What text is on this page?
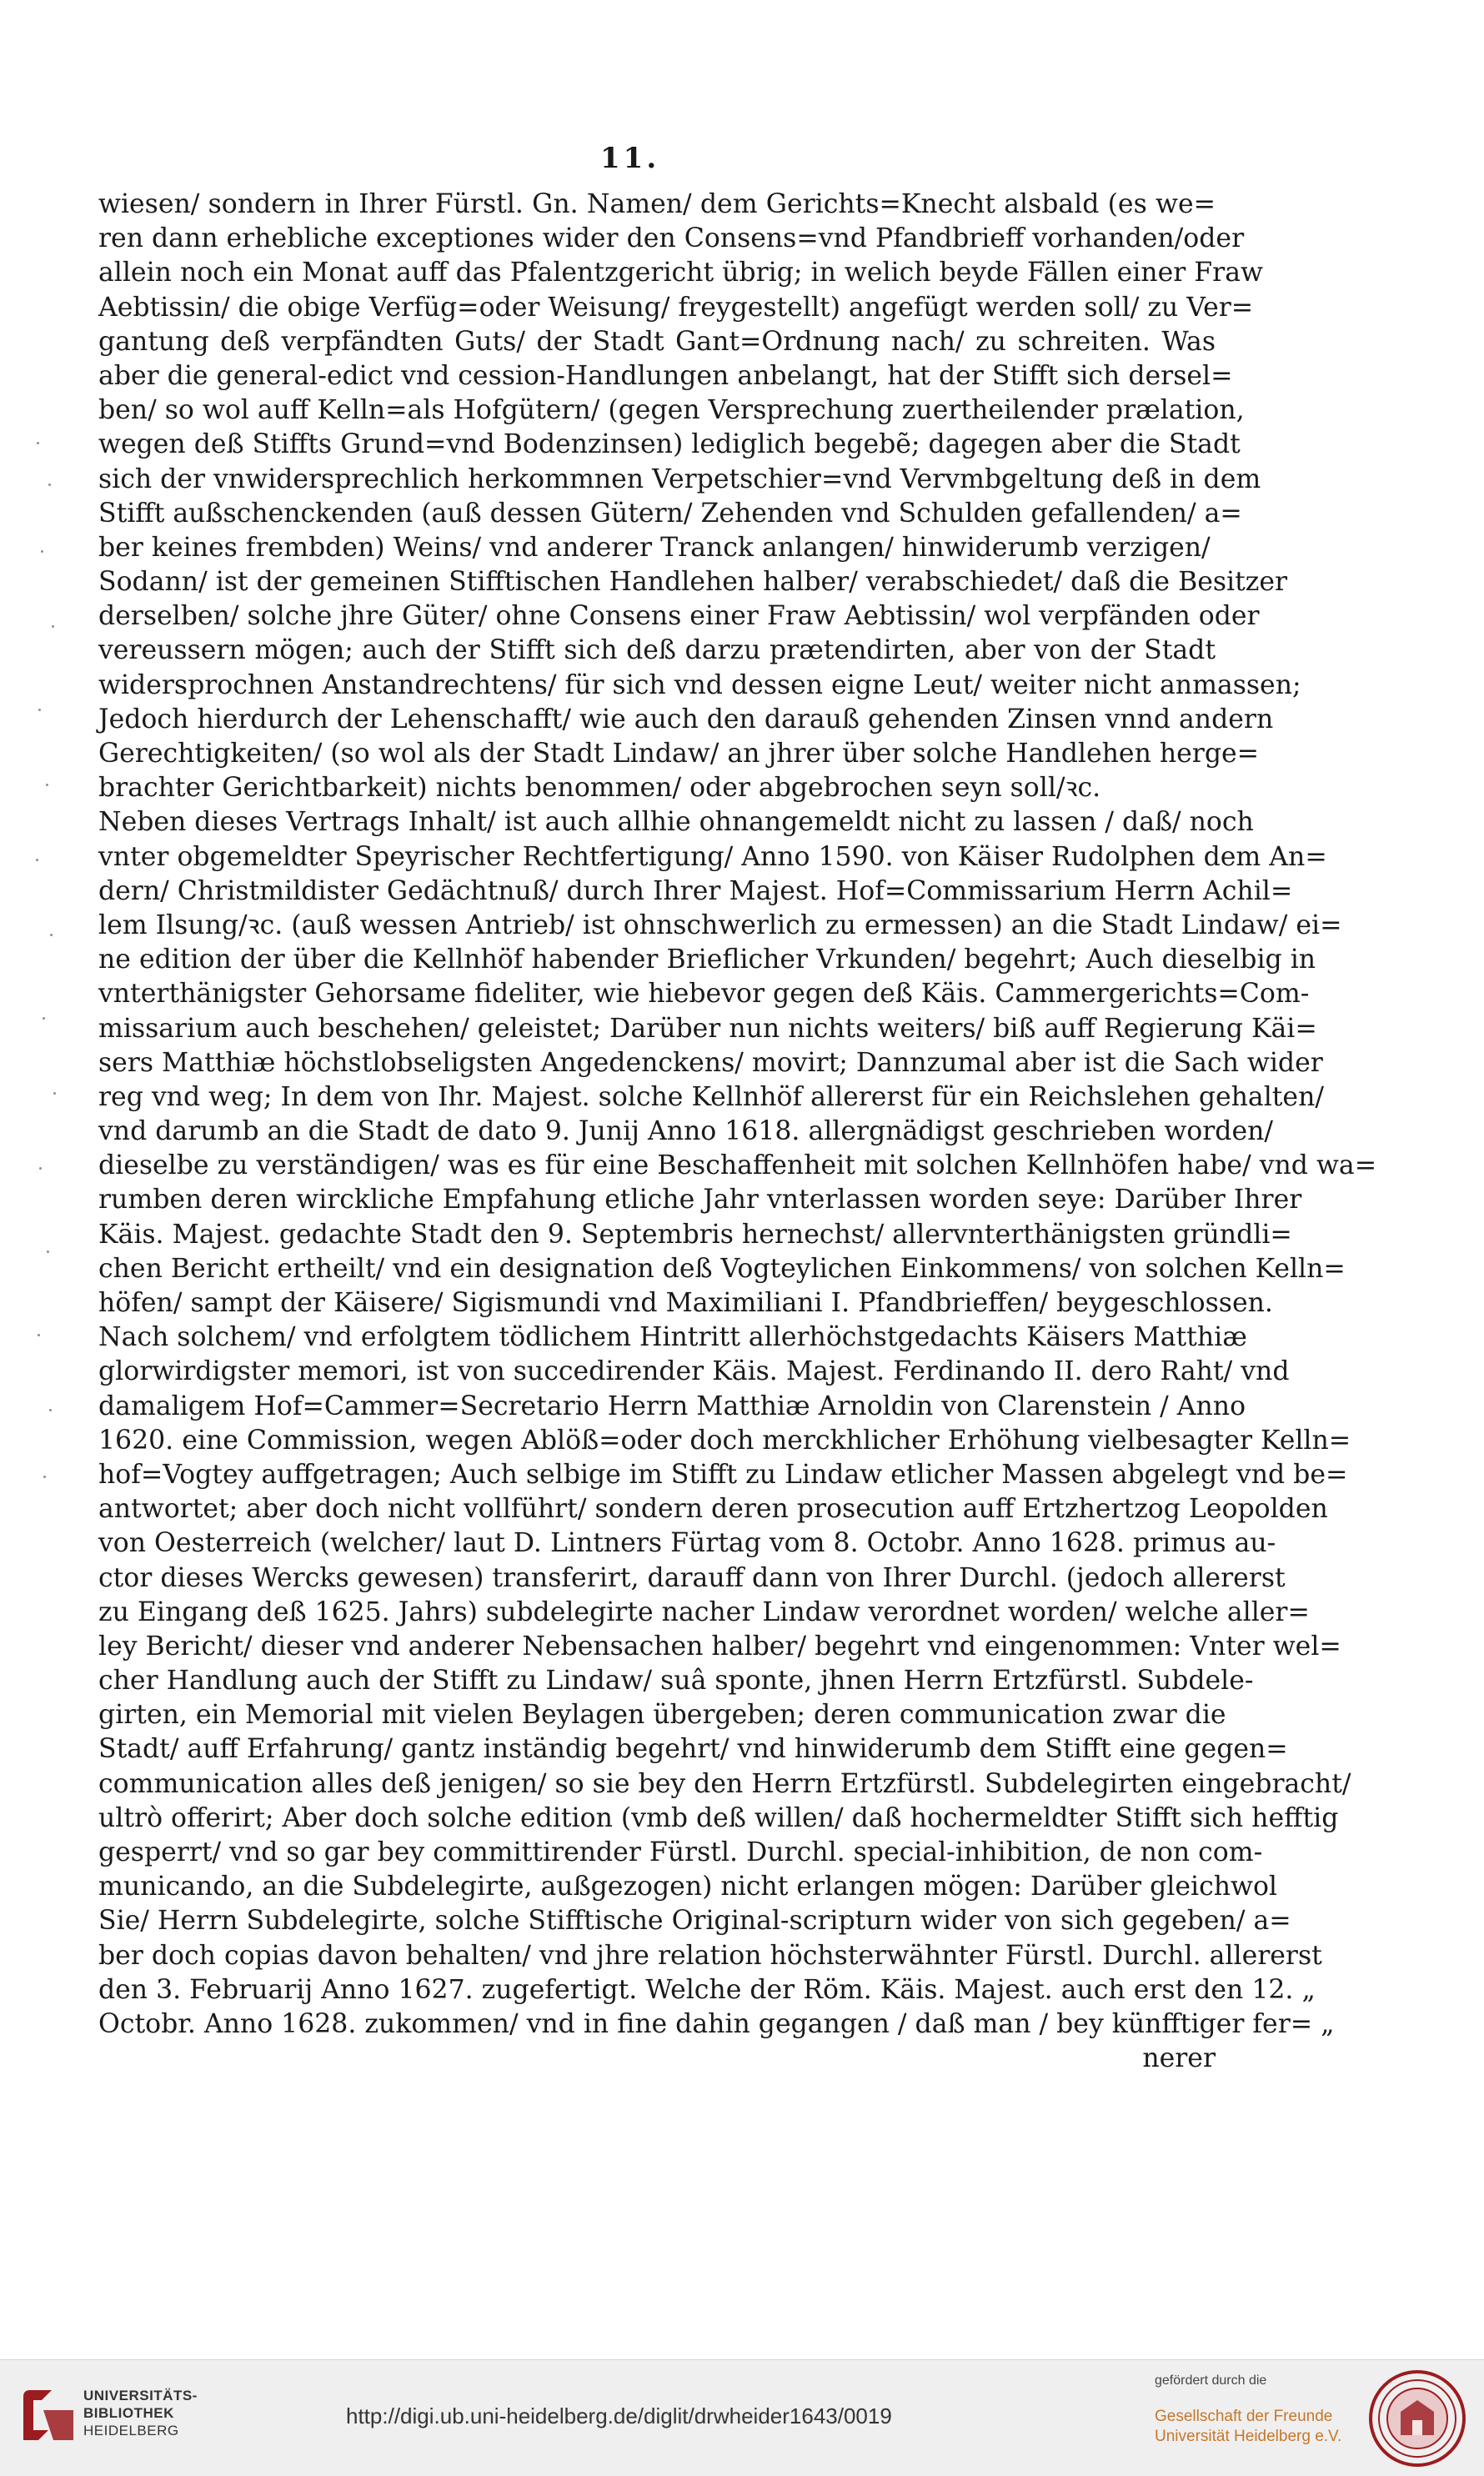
11.
wiesen/ sondern in Ihrer Fürstl. Gn. Namen/ dem Gerichts=Knecht alsbald (es we=
ren dann erhebliche exceptiones wider den Consens=vnd Pfandbrieff vorhanden/oder
allein noch ein Monat auff das Pfalentzgericht übrig; in welich beyde Fällen einer Fraw
Aebtissin/ die obige Verfüg=oder Weisung/ freygestellt) angefügt werden soll/ zu Ver=
gantung deß verpfändten Guts/ der Stadt Gant=Ordnung nach/ zu schreiten. Was
aber die general-edict vnd cession-Handlungen anbelangt, hat der Stifft sich dersel=
ben/ so wol auff Kelln=als Hofgütern/ (gegen Versprechung zuertheilender prælation,
wegen deß Stiffts Grund=vnd Bodenzinsen) lediglich begebẽ; dagegen aber die Stadt
sich der vnwidersprechlich herkommnen Verpetschier=vnd Vervmbgeltung deß in dem
Stifft außschenckenden (auß dessen Gütern/ Zehenden vnd Schulden gefallenden/ a=
ber keines frembden) Weins/ vnd anderer Tranck anlangen/ hinwiderumb verzigen/
Sodann/ ist der gemeinen Stifftischen Handlehen halber/ verabschiedet/ daß die Besitzer
derselben/ solche jhre Güter/ ohne Consens einer Fraw Aebtissin/ wol verpfänden oder
vereussern mögen; auch der Stifft sich deß darzu prætendirten, aber von der Stadt
widersprochnen Anstandrechtens/ für sich vnd dessen eigne Leut/ weiter nicht anmassen;
Jedoch hierdurch der Lehenschafft/ wie auch den darauß gehenden Zinsen vnnd andern
Gerechtigkeiten/ (so wol als der Stadt Lindaw/ an jhrer über solche Handlehen herge=
brachter Gerichtbarkeit) nichts benommen/ oder abgebrochen seyn soll/ꝛc.
Neben dieses Vertrags Inhalt/ ist auch allhie ohnangemeldt nicht zu lassen / daß/ noch
vnter obgemeldter Speyrischer Rechtfertigung/ Anno 1590. von Käiser Rudolphen dem An=
dern/ Christmildister Gedächtnuß/ durch Ihrer Majest. Hof=Commissarium Herrn Achil=
lem Ilsung/ꝛc. (auß wessen Antrieb/ ist ohnschwerlich zu ermessen) an die Stadt Lindaw/ ei=
ne edition der über die Kellnhöf habender Brieflicher Vrkunden/ begehrt; Auch dieselbig in
vnterthänigster Gehorsame fideliter, wie hiebevor gegen deß Käis. Cammergerichts=Com-
missarium auch beschehen/ geleistet; Darüber nun nichts weiters/ biß auff Regierung Käi=
sers Matthiæ höchstlobseligsten Angedenckens/ movirt; Dannzumal aber ist die Sach wider
reg vnd weg; In dem von Ihr. Majest. solche Kellnhöf allererst für ein Reichslehen gehalten/
vnd darumb an die Stadt de dato 9. Junij Anno 1618. allergnädigst geschrieben worden/
dieselbe zu verständigen/ was es für eine Beschaffenheit mit solchen Kellnhöfen habe/ vnd wa=
rumben deren wirckliche Empfahung etliche Jahr vnterlassen worden seye: Darüber Ihrer
Käis. Majest. gedachte Stadt den 9. Septembris hernechst/ allervnterthänigsten gründli=
chen Bericht ertheilt/ vnd ein designation deß Vogteylichen Einkommens/ von solchen Kelln=
höfen/ sampt der Käisere/ Sigismundi vnd Maximiliani I. Pfandbrieffen/ beygeschlossen.
Nach solchem/ vnd erfolgtem tödlichem Hintritt allerhöchstgedachts Käisers Matthiæ
glorwirdigster memori, ist von succedirender Käis. Majest. Ferdinando II. dero Raht/ vnd
damaligem Hof=Cammer=Secretario Herrn Matthiæ Arnoldin von Clarenstein / Anno
1620. eine Commission, wegen Ablöß=oder doch merckhlicher Erhöhung vielbesagter Kelln=
hof=Vogtey auffgetragen; Auch selbige im Stifft zu Lindaw etlicher Massen abgelegt vnd be=
antwortet; aber doch nicht vollführt/ sondern deren prosecution auff Ertzhertzog Leopolden
von Oesterreich (welcher/ laut D. Lintners Fürtag vom 8. Octobr. Anno 1628. primus au-
ctor dieses Wercks gewesen) transferirt, darauff dann von Ihrer Durchl. (jedoch allererst
zu Eingang deß 1625. Jahrs) subdelegirte nacher Lindaw verordnet worden/ welche aller=
ley Bericht/ dieser vnd anderer Nebensachen halber/ begehrt vnd eingenommen: Vnter wel=
cher Handlung auch der Stifft zu Lindaw/ suâ sponte, jhnen Herrn Ertzfürstl. Subdele-
girten, ein Memorial mit vielen Beylagen übergeben; deren communication zwar die
Stadt/ auff Erfahrung/ gantz inständig begehrt/ vnd hinwiderumb dem Stifft eine gegen=
communication alles deß jenigen/ so sie bey den Herrn Ertzfürstl. Subdelegirten eingebracht/
ultrò offerirt; Aber doch solche edition (vmb deß willen/ daß hochermeldter Stifft sich hefftig
gesperrt/ vnd so gar bey committirender Fürstl. Durchl. special-inhibition, de non com-
municando, an die Subdelegirte, außgezogen) nicht erlangen mögen: Darüber gleichwol
Sie/ Herrn Subdelegirte, solche Stifftische Original-scripturn wider von sich gegeben/ a=
ber doch copias davon behalten/ vnd jhre relation höchsterwähnter Fürstl. Durchl. allererst
den 3. Februarij Anno 1627. zugefertigt. Welche der Röm. Käis. Majest. auch erst den 12. „
Octobr. Anno 1628. zukommen/ vnd in fine dahin gegangen / daß man / bey künfftiger fer= „
nerer
UNIVERSITÄTS-
BIBLIOTHEK
HEIDELBERG
http://digi.ub.uni-heidelberg.de/diglit/drwheider1643/0019
gefördert durch die
Gesellschaft der Freunde
Universität Heidelberg e.V.
